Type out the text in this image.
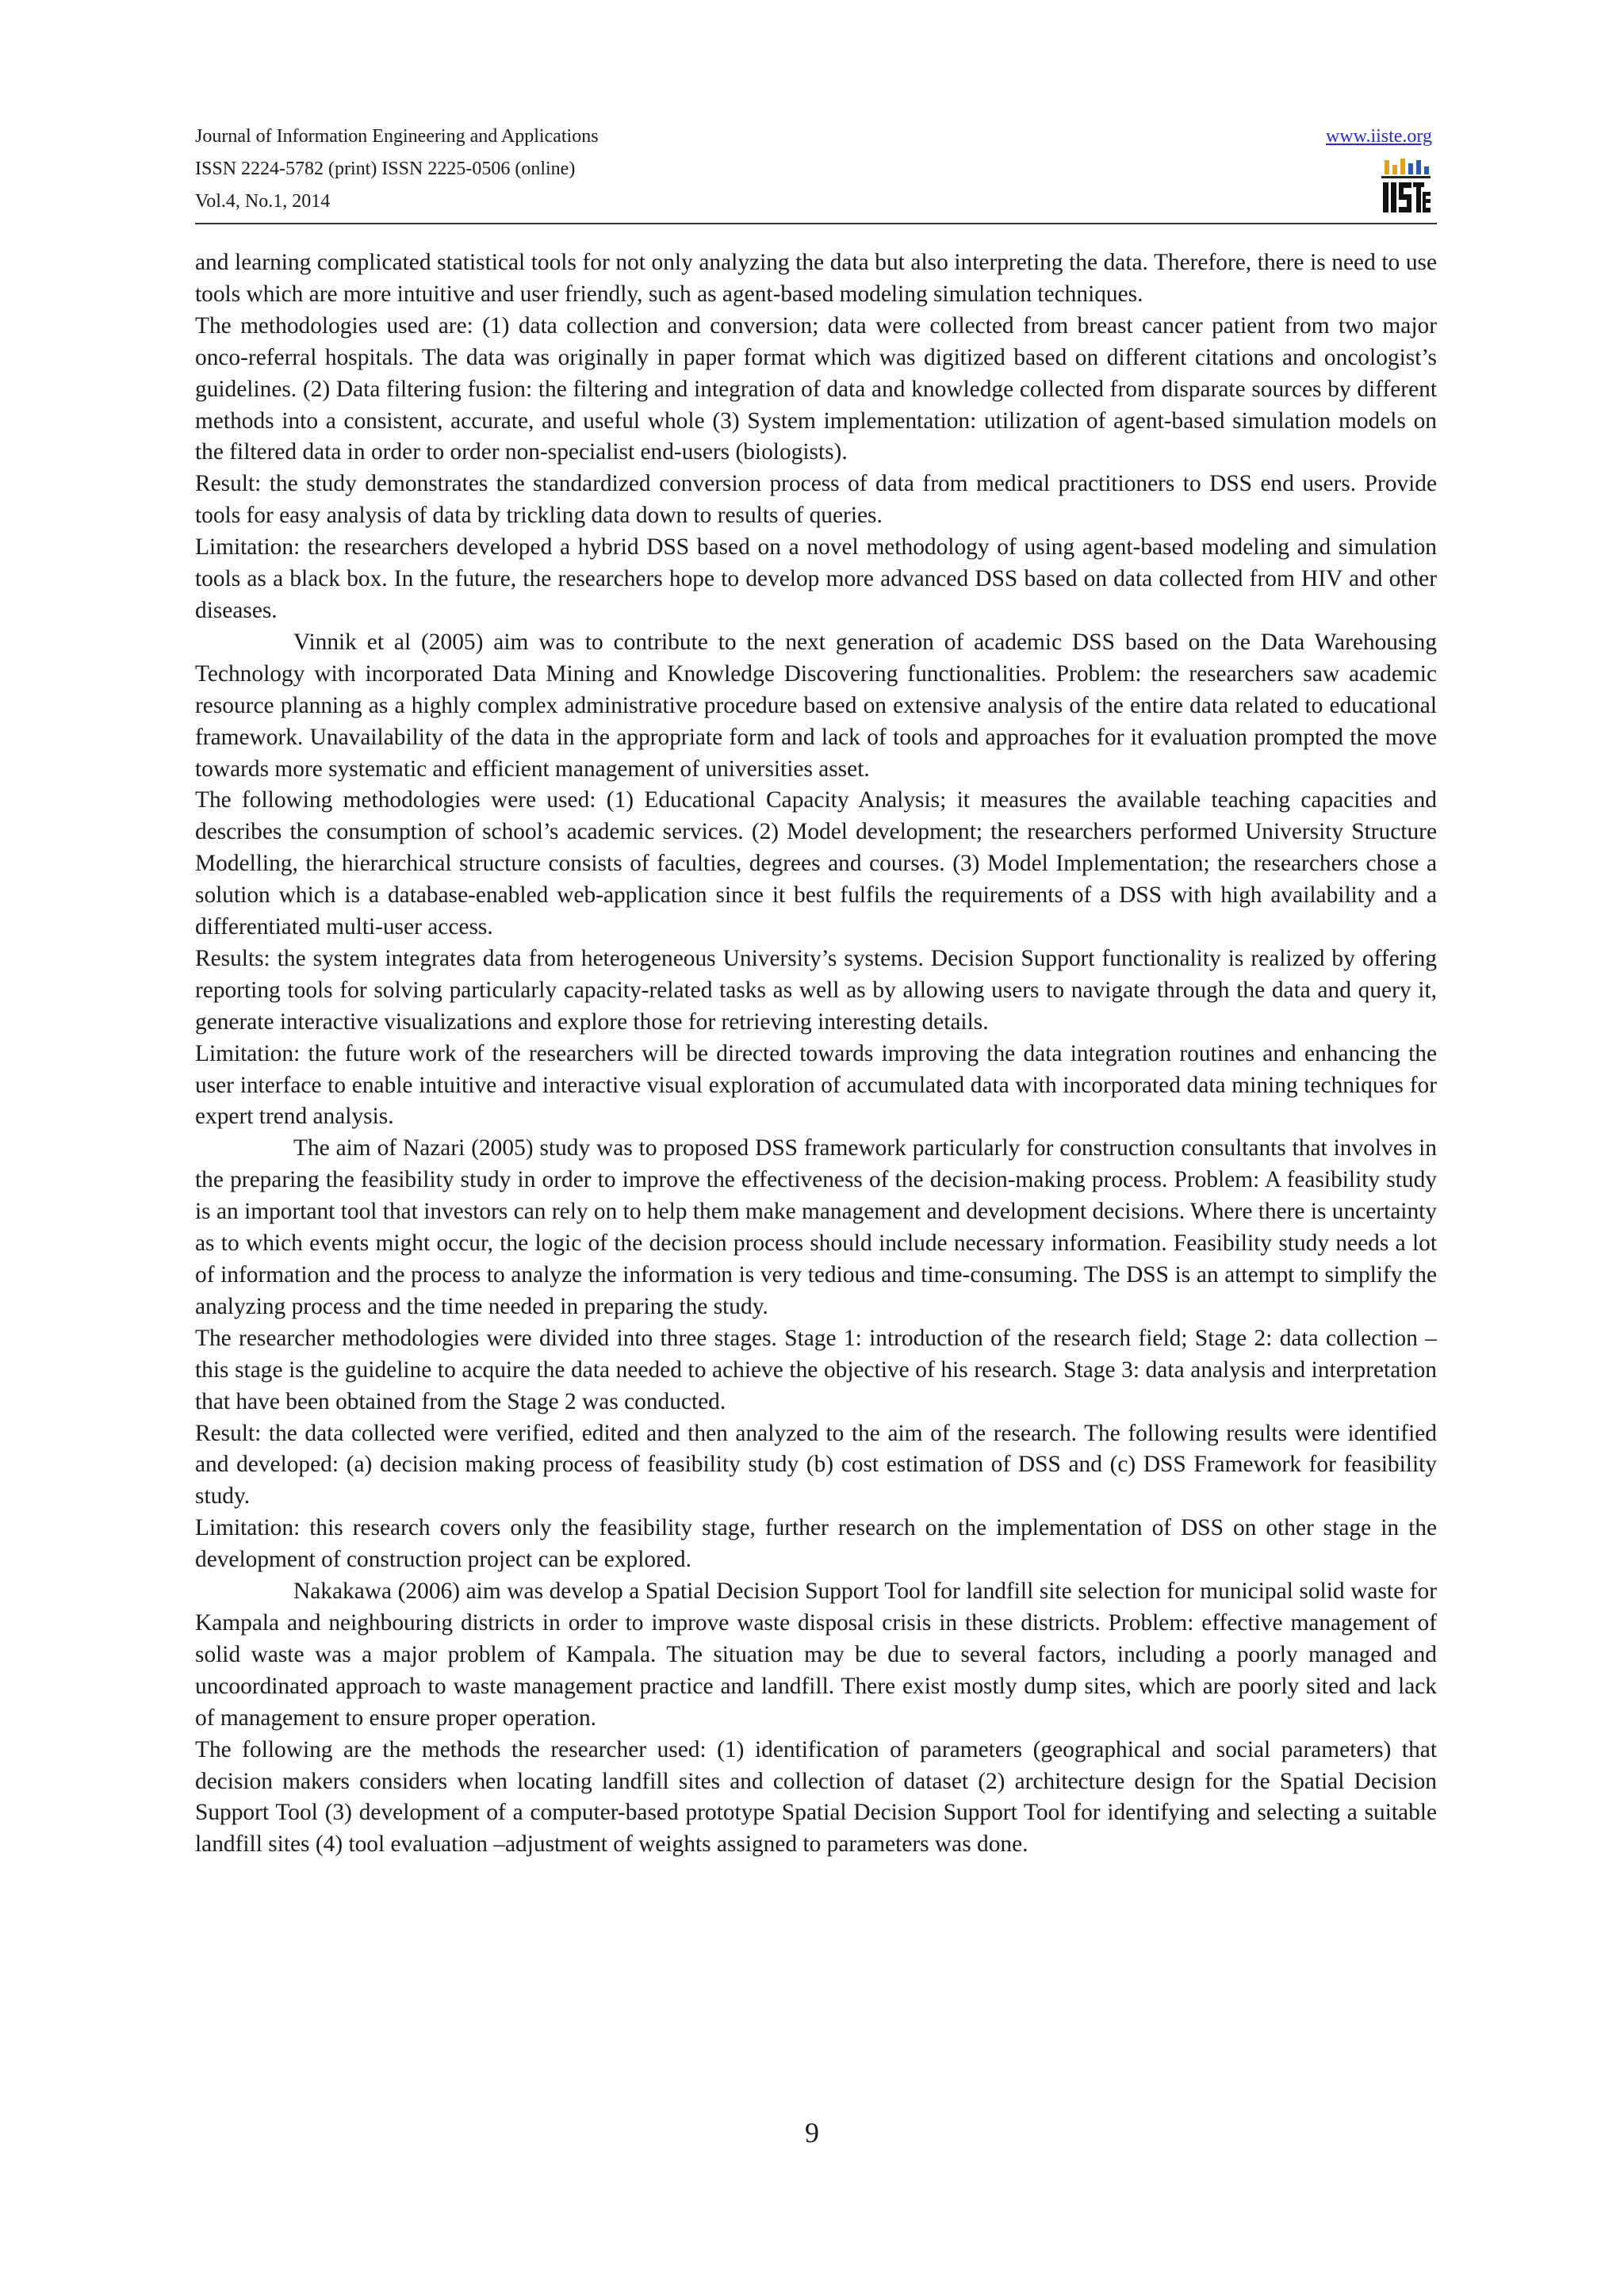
Journal of Information Engineering and Applications
ISSN 2224-5782 (print) ISSN 2225-0506 (online)
Vol.4, No.1, 2014
www.iiste.org

and learning complicated statistical tools for not only analyzing the data but also interpreting the data. Therefore, there is need to use tools which are more intuitive and user friendly, such as agent-based modeling simulation techniques.

The methodologies used are: (1) data collection and conversion; data were collected from breast cancer patient from two major onco-referral hospitals. The data was originally in paper format which was digitized based on different citations and oncologist’s guidelines. (2) Data filtering fusion: the filtering and integration of data and knowledge collected from disparate sources by different methods into a consistent, accurate, and useful whole (3) System implementation: utilization of agent-based simulation models on the filtered data in order to order non-specialist end-users (biologists).

Result: the study demonstrates the standardized conversion process of data from medical practitioners to DSS end users. Provide tools for easy analysis of data by trickling data down to results of queries.

Limitation: the researchers developed a hybrid DSS based on a novel methodology of using agent-based modeling and simulation tools as a black box. In the future, the researchers hope to develop more advanced DSS based on data collected from HIV and other diseases.

Vinnik et al (2005) aim was to contribute to the next generation of academic DSS based on the Data Warehousing Technology with incorporated Data Mining and Knowledge Discovering functionalities. Problem: the researchers saw academic resource planning as a highly complex administrative procedure based on extensive analysis of the entire data related to educational framework. Unavailability of the data in the appropriate form and lack of tools and approaches for it evaluation prompted the move towards more systematic and efficient management of universities asset.

The following methodologies were used: (1) Educational Capacity Analysis; it measures the available teaching capacities and describes the consumption of school’s academic services. (2) Model development; the researchers performed University Structure Modelling, the hierarchical structure consists of faculties, degrees and courses. (3) Model Implementation; the researchers chose a solution which is a database-enabled web-application since it best fulfils the requirements of a DSS with high availability and a differentiated multi-user access.

Results: the system integrates data from heterogeneous University’s systems. Decision Support functionality is realized by offering reporting tools for solving particularly capacity-related tasks as well as by allowing users to navigate through the data and query it, generate interactive visualizations and explore those for retrieving interesting details.

Limitation: the future work of the researchers will be directed towards improving the data integration routines and enhancing the user interface to enable intuitive and interactive visual exploration of accumulated data with incorporated data mining techniques for expert trend analysis.

The aim of Nazari (2005) study was to proposed DSS framework particularly for construction consultants that involves in the preparing the feasibility study in order to improve the effectiveness of the decision-making process. Problem: A feasibility study is an important tool that investors can rely on to help them make management and development decisions. Where there is uncertainty as to which events might occur, the logic of the decision process should include necessary information. Feasibility study needs a lot of information and the process to analyze the information is very tedious and time-consuming. The DSS is an attempt to simplify the analyzing process and the time needed in preparing the study.

The researcher methodologies were divided into three stages. Stage 1: introduction of the research field; Stage 2: data collection –this stage is the guideline to acquire the data needed to achieve the objective of his research. Stage 3: data analysis and interpretation that have been obtained from the Stage 2 was conducted.

Result: the data collected were verified, edited and then analyzed to the aim of the research. The following results were identified and developed: (a) decision making process of feasibility study (b) cost estimation of DSS and (c) DSS Framework for feasibility study.

Limitation: this research covers only the feasibility stage, further research on the implementation of DSS on other stage in the development of construction project can be explored.

Nakakawa (2006) aim was develop a Spatial Decision Support Tool for landfill site selection for municipal solid waste for Kampala and neighbouring districts in order to improve waste disposal crisis in these districts. Problem: effective management of solid waste was a major problem of Kampala. The situation may be due to several factors, including a poorly managed and uncoordinated approach to waste management practice and landfill. There exist mostly dump sites, which are poorly sited and lack of management to ensure proper operation.

The following are the methods the researcher used: (1) identification of parameters (geographical and social parameters) that decision makers considers when locating landfill sites and collection of dataset (2) architecture design for the Spatial Decision Support Tool (3) development of a computer-based prototype Spatial Decision Support Tool for identifying and selecting a suitable landfill sites (4) tool evaluation –adjustment of weights assigned to parameters was done.

9
